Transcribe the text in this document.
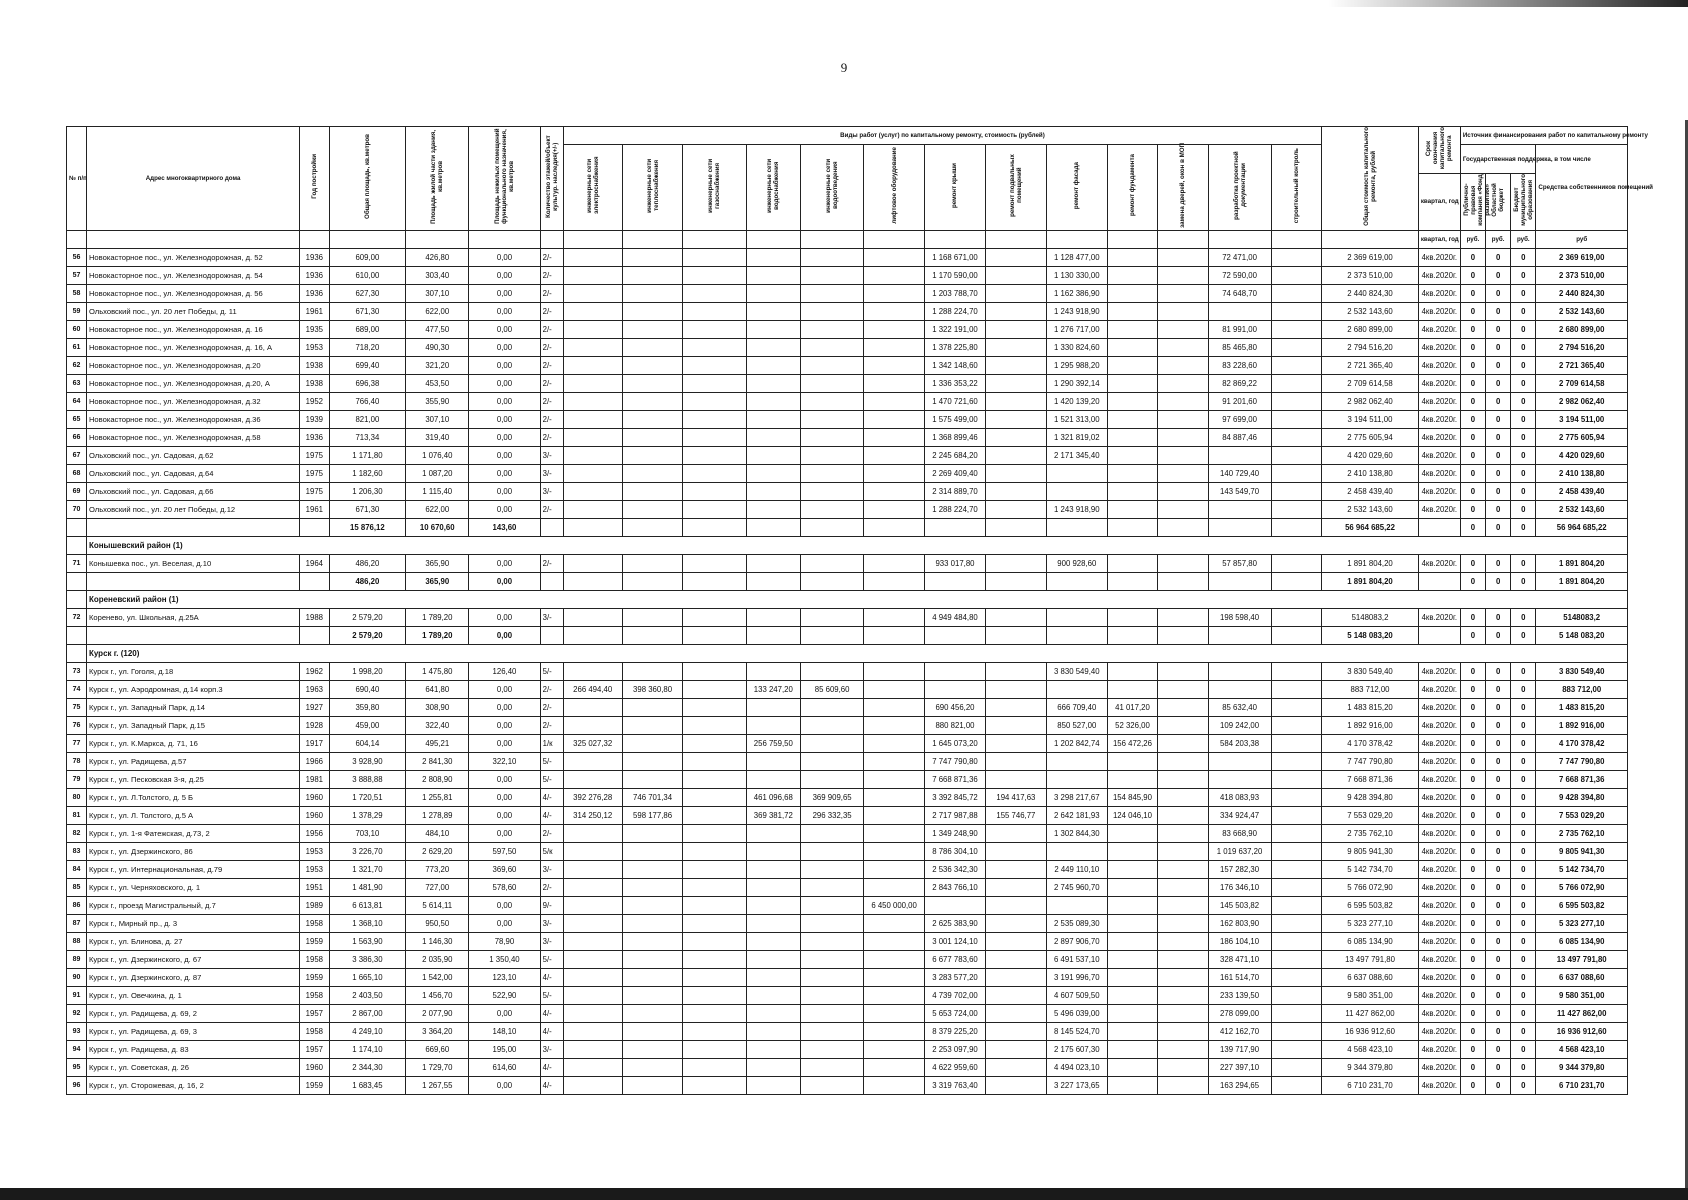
9
№ п/п	Адрес многоквартирного дома	Год постройки	Общая площадь, кв.метров	Площадь жилой части здания, кв.метров	Площадь нежилых помещений функционального назначения, кв.метров	Количество этажей/объект культур. наследия(+/-)	Виды работ (услуг) по капитальному ремонту, стоимость (рублей)													Общая стоимость капитального ремонта, рублей	Срок окончания капитального ремонта	Источник финансирования работ по капитальному ремонту			
							инженерные сети электроснабжения	инженерные сети теплоснабжения	инженерные сети газоснабжения	инженерные сети водоснабжения	инженерные сети водоотведения	лифтовое оборудование	ремонт крыши	ремонт подвальных помещений	ремонт фасада	ремонт фундамента	замена дверей, окон в МОП	разработка проектной документации	строительный контроль			Государственная поддержка, в том числе			Средства собственников помещений
																					квартал, год	Публично-правовая компания «Фонд развития»	Областной бюджет	Бюджет муниципального образования	
																					квартал, год	руб.	руб.	руб.	руб
56	Новокасторное пос., ул. Железнодорожная, д. 52	1936	609,00	426,80	0,00	2/-							1 168 671,00		1 128 477,00			72 471,00		2 369 619,00	4кв.2020г.	0	0	0	2 369 619,00
57	Новокасторное пос., ул. Железнодорожная, д. 54	1936	610,00	303,40	0,00	2/-							1 170 590,00		1 130 330,00			72 590,00		2 373 510,00	4кв.2020г.	0	0	0	2 373 510,00
58	Новокасторное пос., ул. Железнодорожная, д. 56	1936	627,30	307,10	0,00	2/-							1 203 788,70		1 162 386,90			74 648,70		2 440 824,30	4кв.2020г.	0	0	0	2 440 824,30
59	Ольховский пос., ул. 20 лет Победы, д. 11	1961	671,30	622,00	0,00	2/-							1 288 224,70		1 243 918,90					2 532 143,60	4кв.2020г.	0	0	0	2 532 143,60
60	Новокасторное пос., ул. Железнодорожная, д. 16	1935	689,00	477,50	0,00	2/-							1 322 191,00		1 276 717,00			81 991,00		2 680 899,00	4кв.2020г.	0	0	0	2 680 899,00
61	Новокасторное пос., ул. Железнодорожная, д. 16, А	1953	718,20	490,30	0,00	2/-							1 378 225,80		1 330 824,60			85 465,80		2 794 516,20	4кв.2020г.	0	0	0	2 794 516,20
62	Новокасторное пос., ул. Железнодорожная, д.20	1938	699,40	321,20	0,00	2/-							1 342 148,60		1 295 988,20			83 228,60		2 721 365,40	4кв.2020г.	0	0	0	2 721 365,40
63	Новокасторное пос., ул. Железнодорожная, д.20, А	1938	696,38	453,50	0,00	2/-							1 336 353,22		1 290 392,14			82 869,22		2 709 614,58	4кв.2020г.	0	0	0	2 709 614,58
64	Новокасторное пос., ул. Железнодорожная, д.32	1952	766,40	355,90	0,00	2/-							1 470 721,60		1 420 139,20			91 201,60		2 982 062,40	4кв.2020г.	0	0	0	2 982 062,40
65	Новокасторное пос., ул. Железнодорожная, д.36	1939	821,00	307,10	0,00	2/-							1 575 499,00		1 521 313,00			97 699,00		3 194 511,00	4кв.2020г.	0	0	0	3 194 511,00
66	Новокасторное пос., ул. Железнодорожная, д.58	1936	713,34	319,40	0,00	2/-							1 368 899,46		1 321 819,02			84 887,46		2 775 605,94	4кв.2020г.	0	0	0	2 775 605,94
67	Ольховский пос., ул. Садовая, д.62	1975	1 171,80	1 076,40	0,00	3/-							2 245 684,20		2 171 345,40					4 420 029,60	4кв.2020г.	0	0	0	4 420 029,60
68	Ольховский пос., ул. Садовая, д.64	1975	1 182,60	1 087,20	0,00	3/-							2 269 409,40					140 729,40		2 410 138,80	4кв.2020г.	0	0	0	2 410 138,80
69	Ольховский пос., ул. Садовая, д.66	1975	1 206,30	1 115,40	0,00	3/-							2 314 889,70					143 549,70		2 458 439,40	4кв.2020г.	0	0	0	2 458 439,40
70	Ольховский пос., ул. 20 лет Победы, д.12	1961	671,30	622,00	0,00	2/-							1 288 224,70		1 243 918,90					2 532 143,60	4кв.2020г.	0	0	0	2 532 143,60
			15 876,12	10 670,60	143,60															56 964 685,22		0	0	0	56 964 685,22
	Конышевский район (1)																								
71	Конышевка пос., ул. Веселая, д.10	1964	486,20	365,90	0,00	2/-							933 017,80		900 928,60			57 857,80		1 891 804,20	4кв.2020г.	0	0	0	1 891 804,20
			486,20	365,90	0,00															1 891 804,20		0	0	0	1 891 804,20
	Кореневский район (1)																								
72	Коренево, ул. Школьная, д.25А	1988	2 579,20	1 789,20	0,00	3/-							4 949 484,80					198 598,40		5148083,2	4кв.2020г.	0	0	0	5148083,2
			2 579,20	1 789,20	0,00															5 148 083,20		0	0	0	5 148 083,20
	Курск г. (120)																								
73	Курск г., ул. Гоголя, д.18	1962	1 998,20	1 475,80	126,40	5/-									3 830 549,40					3 830 549,40	4кв.2020г.	0	0	0	3 830 549,40
74	Курск г., ул. Аэродромная, д.14 корп.3	1963	690,40	641,80	0,00	2/-	266 494,40	398 360,80		133 247,20	85 609,60									883 712,00	4кв.2020г.	0	0	0	883 712,00
75	Курск г., ул. Западный Парк, д.14	1927	359,80	308,90	0,00	2/-							690 456,20		666 709,40	41 017,20		85 632,40		1 483 815,20	4кв.2020г.	0	0	0	1 483 815,20
76	Курск г., ул. Западный Парк, д.15	1928	459,00	322,40	0,00	2/-							880 821,00		850 527,00	52 326,00		109 242,00		1 892 916,00	4кв.2020г.	0	0	0	1 892 916,00
77	Курск г., ул. К.Маркса, д. 71, 16	1917	604,14	495,21	0,00	1/к	325 027,32			256 759,50			1 645 073,20		1 202 842,74	156 472,26		584 203,38		4 170 378,42	4кв.2020г.	0	0	0	4 170 378,42
78	Курск г., ул. Радищева, д.57	1966	3 928,90	2 841,30	322,10	5/-							7 747 790,80							7 747 790,80	4кв.2020г.	0	0	0	7 747 790,80
79	Курск г., ул. Песковская 3-я, д.25	1981	3 888,88	2 808,90	0,00	5/-							7 668 871,36							7 668 871,36	4кв.2020г.	0	0	0	7 668 871,36
80	Курск г., ул. Л.Толстого, д. 5 Б	1960	1 720,51	1 255,81	0,00	4/-	392 276,28	746 701,34		461 096,68	369 909,65		3 392 845,72	194 417,63	3 298 217,67	154 845,90		418 083,93		9 428 394,80	4кв.2020г.	0	0	0	9 428 394,80
81	Курск г., ул. Л. Толстого, д.5 А	1960	1 378,29	1 278,89	0,00	4/-	314 250,12	598 177,86		369 381,72	296 332,35		2 717 987,88	155 746,77	2 642 181,93	124 046,10		334 924,47		7 553 029,20	4кв.2020г.	0	0	0	7 553 029,20
82	Курск г., ул. 1-я Фатежская, д.73, 2	1956	703,10	484,10	0,00	2/-							1 349 248,90		1 302 844,30			83 668,90		2 735 762,10	4кв.2020г.	0	0	0	2 735 762,10
83	Курск г., ул. Дзержинского, 86	1953	3 226,70	2 629,20	597,50	5/к							8 786 304,10					1 019 637,20		9 805 941,30	4кв.2020г.	0	0	0	9 805 941,30
84	Курск г., ул. Интернациональная, д.79	1953	1 321,70	773,20	369,60	3/-							2 536 342,30		2 449 110,10			157 282,30		5 142 734,70	4кв.2020г.	0	0	0	5 142 734,70
85	Курск г., ул. Черняховского, д. 1	1951	1 481,90	727,00	578,60	2/-							2 843 766,10		2 745 960,70			176 346,10		5 766 072,90	4кв.2020г.	0	0	0	5 766 072,90
86	Курск г., проезд Магистральный, д.7	1989	6 613,81	5 614,11	0,00	9/-						6 450 000,00						145 503,82		6 595 503,82	4кв.2020г.	0	0	0	6 595 503,82
87	Курск г., Мирный пр., д. 3	1958	1 368,10	950,50	0,00	3/-							2 625 383,90		2 535 089,30			162 803,90		5 323 277,10	4кв.2020г.	0	0	0	5 323 277,10
88	Курск г., ул. Блинова, д. 27	1959	1 563,90	1 146,30	78,90	3/-							3 001 124,10		2 897 906,70			186 104,10		6 085 134,90	4кв.2020г.	0	0	0	6 085 134,90
89	Курск г., ул. Дзержинского, д. 67	1958	3 386,30	2 035,90	1 350,40	5/-							6 677 783,60		6 491 537,10			328 471,10		13 497 791,80	4кв.2020г.	0	0	0	13 497 791,80
90	Курск г., ул. Дзержинского, д. 87	1959	1 665,10	1 542,00	123,10	4/-							3 283 577,20		3 191 996,70			161 514,70		6 637 088,60	4кв.2020г.	0	0	0	6 637 088,60
91	Курск г., ул. Овечкина, д. 1	1958	2 403,50	1 456,70	522,90	5/-							4 739 702,00		4 607 509,50			233 139,50		9 580 351,00	4кв.2020г.	0	0	0	9 580 351,00
92	Курск г., ул. Радищева, д. 69, 2	1957	2 867,00	2 077,90	0,00	4/-							5 653 724,00		5 496 039,00			278 099,00		11 427 862,00	4кв.2020г.	0	0	0	11 427 862,00
93	Курск г., ул. Радищева, д. 69, 3	1958	4 249,10	3 364,20	148,10	4/-							8 379 225,20		8 145 524,70			412 162,70		16 936 912,60	4кв.2020г.	0	0	0	16 936 912,60
94	Курск г., ул. Радищева, д. 83	1957	1 174,10	669,60	195,00	3/-							2 253 097,90		2 175 607,30			139 717,90		4 568 423,10	4кв.2020г.	0	0	0	4 568 423,10
95	Курск г., ул. Советская, д. 26	1960	2 344,30	1 729,70	614,60	4/-							4 622 959,60		4 494 023,10			227 397,10		9 344 379,80	4кв.2020г.	0	0	0	9 344 379,80
96	Курск г., ул. Сторожевая, д. 16, 2	1959	1 683,45	1 267,55	0,00	4/-							3 319 763,40		3 227 173,65			163 294,65		6 710 231,70	4кв.2020г.	0	0	0	6 710 231,70
